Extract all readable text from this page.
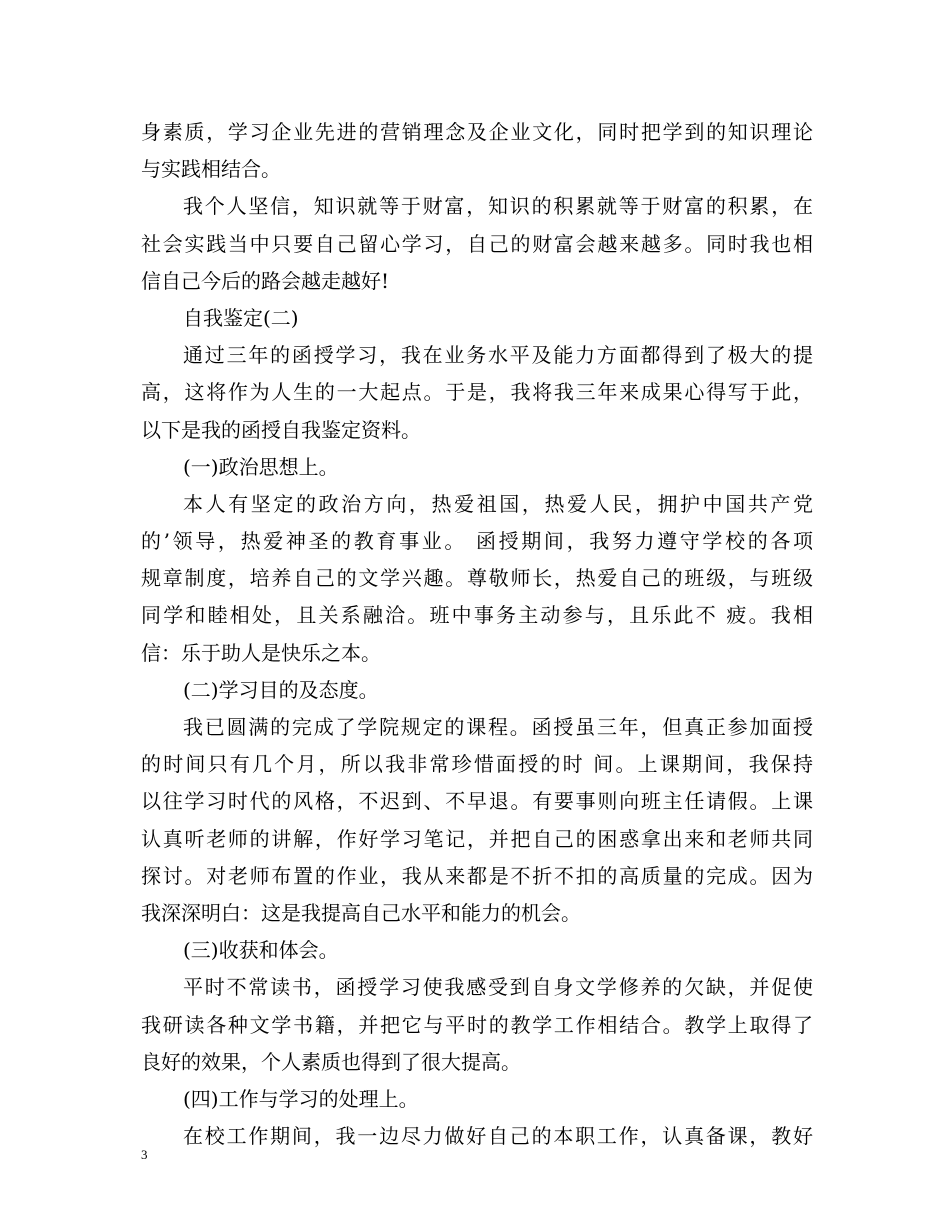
身素质，学习企业先进的营销理念及企业文化，同时把学到的知识理论
与实践相结合。
我个人坚信，知识就等于财富，知识的积累就等于财富的积累，在
社会实践当中只要自己留心学习，自己的财富会越来越多。同时我也相
信自己今后的路会越走越好!
自我鉴定(二)
通过三年的函授学习，我在业务水平及能力方面都得到了极大的提
高，这将作为人生的一大起点。于是，我将我三年来成果心得写于此，
以下是我的函授自我鉴定资料。
(一)政治思想上。
本人有坚定的政治方向，热爱祖国，热爱人民，拥护中国共产党
的’领导，热爱神圣的教育事业。 函授期间，我努力遵守学校的各项
规章制度，培养自己的文学兴趣。尊敬师长，热爱自己的班级，与班级
同学和睦相处，且关系融洽。班中事务主动参与，且乐此不 疲。我相
信：乐于助人是快乐之本。
(二)学习目的及态度。
我已圆满的完成了学院规定的课程。函授虽三年，但真正参加面授
的时间只有几个月，所以我非常珍惜面授的时 间。上课期间，我保持
以往学习时代的风格，不迟到、不早退。有要事则向班主任请假。上课
认真听老师的讲解，作好学习笔记，并把自己的困惑拿出来和老师共同
探讨。对老师布置的作业，我从来都是不折不扣的高质量的完成。因为
我深深明白：这是我提高自己水平和能力的机会。
(三)收获和体会。
平时不常读书，函授学习使我感受到自身文学修养的欠缺，并促使
我研读各种文学书籍，并把它与平时的教学工作相结合。教学上取得了
良好的效果，个人素质也得到了很大提高。
(四)工作与学习的处理上。
在校工作期间，我一边尽力做好自己的本职工作，认真备课，教好
3
